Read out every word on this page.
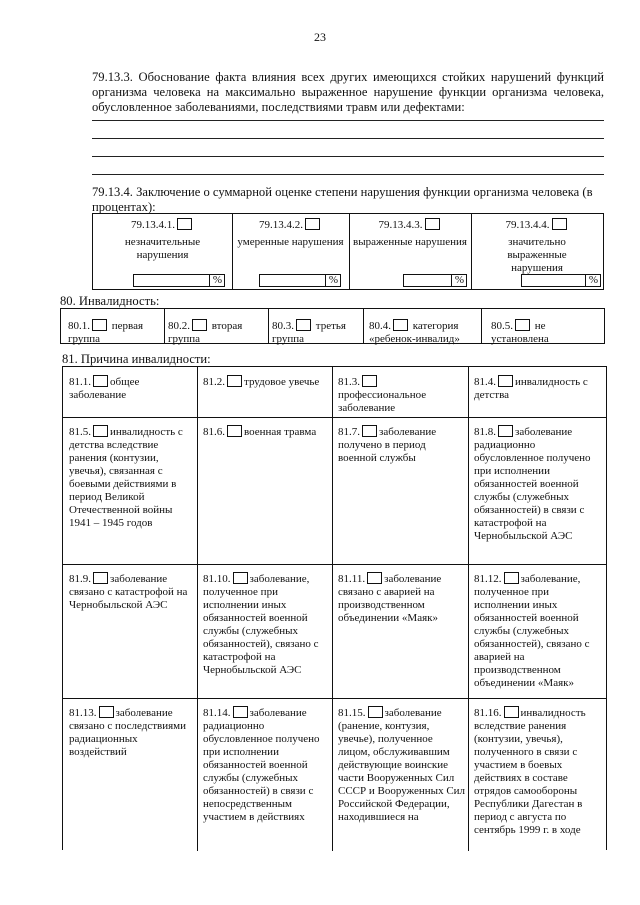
23
79.13.3. Обоснование факта влияния всех других имеющихся стойких нарушений функций организма человека на максимально выраженное нарушение функции организма человека, обусловленное заболеваниями, последствиями травм или дефектами:
79.13.4. Заключение о суммарной оценке степени нарушения функции организма человека (в процентах):
79.13.4.1.
незначительные нарушения
%
79.13.4.2.
умеренные нарушения
%
79.13.4.3.
выраженные нарушения
%
79.13.4.4.
значительно выраженные нарушения
%
80. Инвалидность:
80.1. первая
группа
80.2. вторая
группа
80.3. третья
группа
80.4. категория
«ребенок-инвалид»
80.5. не
установлена
81. Причина инвалидности:
81.1. общее заболевание
81.2. трудовое увечье	81.3.
профессиональное заболевание
81.4. инвалидность с детства
81.5. инвалидность с детства вследствие ранения (контузии, увечья), связанная с боевыми действиями в период Великой Отечественной войны 1941 – 1945 годов
81.6. военная травма	81.7. заболевание получено в период военной службы
81.8. заболевание радиационно обусловленное получено при исполнении обязанностей военной службы (служебных обязанностей) в связи с катастрофой на Чернобыльской АЭС
81.9. заболевание связано с катастрофой на Чернобыльской АЭС
81.10. заболевание, полученное при исполнении иных обязанностей военной службы (служебных обязанностей), связано с катастрофой на Чернобыльской АЭС
81.11. заболевание связано с аварией на производственном объединении «Маяк»
81.12. заболевание, полученное при исполнении иных обязанностей военной службы (служебных обязанностей), связано с аварией на производственном объединении «Маяк»
81.13. заболевание связано с последствиями радиационных воздействий
81.14. заболевание радиационно обусловленное получено при исполнении обязанностей военной службы (служебных обязанностей) в связи с непосредственным участием в действиях
81.15. заболевание (ранение, контузия, увечье), полученное лицом, обслуживавшим действующие воинские части Вооруженных Сил СССР и Вооруженных Сил Российской Федерации, находившиеся на
81.16. инвалидность вследствие ранения (контузии, увечья), полученного в связи с участием в боевых действиях в составе отрядов самообороны Республики Дагестан в период с августа по сентябрь 1999 г. в ходе
